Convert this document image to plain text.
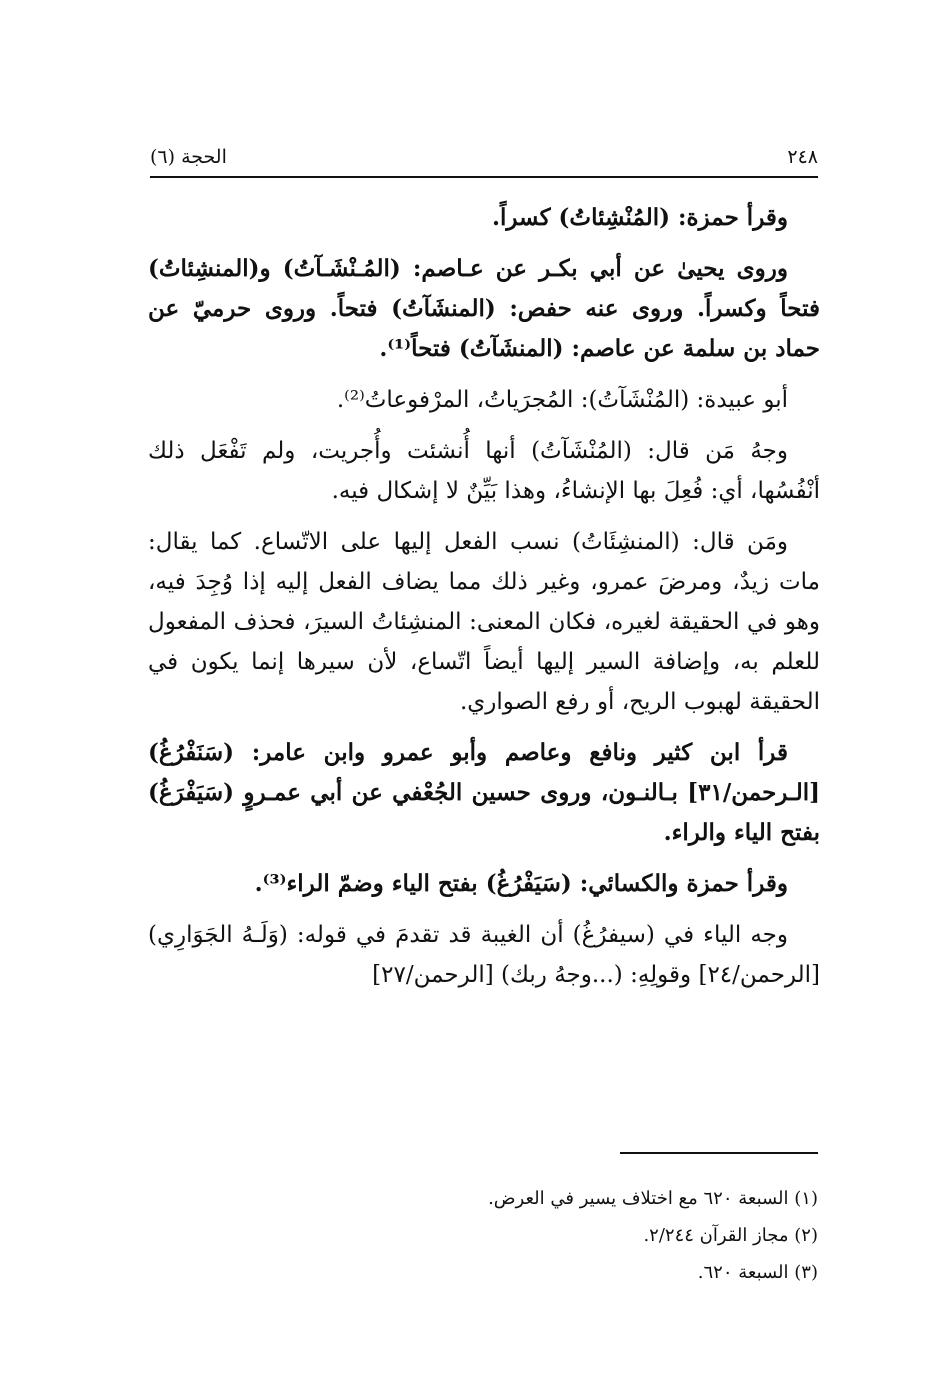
الحجة (٦)	٢٤٨

وقرأ حمزة: (المُنْشِئاتُ) كسراً.

وروى يحيىٰ عن أبي بكـر عن عـاصم: (المُـنْشَـآتُ) و(المنشِئاتُ) فتحاً وكسراً. وروى عنه حفص: (المنشَآتُ) فتحاً. وروى حرميّ عن حماد بن سلمة عن عاصم: (المنشَآتُ) فتحاً⁽¹⁾.

أبو عبيدة: (المُنْشَآتُ): المُجرَياتُ، المرْفوعاتُ⁽²⁾.

وجهُ مَن قال: (المُنْشَآتُ) أنها أُنشئت وأُجريت، ولم تَفْعَل ذلك أنْفُسُها، أي: فُعِلَ بها الإنشاءُ، وهذا بَيِّنٌ لا إشكال فيه.

ومَن قال: (المنشِئَاتُ) نسب الفعل إليها على الاتّساع. كما يقال: مات زيدٌ، ومرضَ عمرو، وغير ذلك مما يضاف الفعل إليه إذا وُجِدَ فيه، وهو في الحقيقة لغيره، فكان المعنى: المنشِئاتُ السيرَ، فحذف المفعول للعلم به، وإضافة السير إليها أيضاً اتّساع، لأن سيرها إنما يكون في الحقيقة لهبوب الريح، أو رفع الصواري.

قرأ ابن كثير ونافع وعاصم وأبو عمرو وابن عامر: (سَنَفْرُغُ) [الـرحمن/٣١] بـالنـون، وروى حسين الجُعْفي عن أبي عمـروٍ (سَيَفْرَغُ) بفتح الياء والراء.

وقرأ حمزة والكسائي: (سَيَفْرُغُ) بفتح الياء وضمّ الراء⁽³⁾.

وجه الياء في (سيفرُغُ) أن الغيبة قد تقدمَ في قوله: (وَلَـهُ الجَوَارِي) [الرحمن/٢٤] وقولِهِ: (...وجهُ ربك) [الرحمن/٢٧]

(١) السبعة ٦٢٠ مع اختلاف يسير في العرض.
(٢) مجاز القرآن ٢/٢٤٤.
(٣) السبعة ٦٢٠.
